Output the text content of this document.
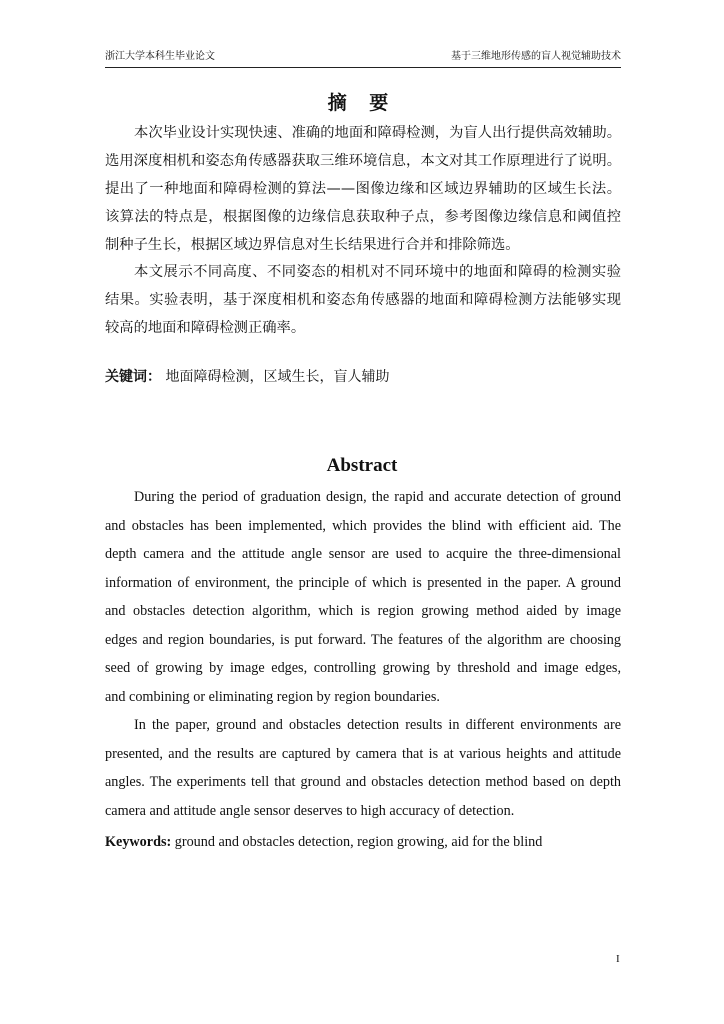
浙江大学本科生毕业论文	基于三维地形传感的盲人视觉辅助技术
摘 要
本次毕业设计实现快速、准确的地面和障碍检测，为盲人出行提供高效辅助。
选用深度相机和姿态角传感器获取三维环境信息，本文对其工作原理进行了说明。
提出了一种地面和障碍检测的算法——图像边缘和区域边界辅助的区域生长法。
该算法的特点是，根据图像的边缘信息获取种子点，参考图像边缘信息和阈值控
制种子生长，根据区域边界信息对生长结果进行合并和排除筛选。
本文展示不同高度、不同姿态的相机对不同环境中的地面和障碍的检测实验
结果。实验表明，基于深度相机和姿态角传感器的地面和障碍检测方法能够实现
较高的地面和障碍检测正确率。
关键词： 地面障碍检测，区域生长，盲人辅助
Abstract
During the period of graduation design, the rapid and accurate detection of ground
and obstacles has been implemented, which provides the blind with efficient aid. The
depth camera and the attitude angle sensor are used to acquire the three-dimensional
information of environment, the principle of which is presented in the paper. A ground
and obstacles detection algorithm, which is region growing method aided by image
edges and region boundaries, is put forward. The features of the algorithm are choosing
seed of growing by image edges, controlling growing by threshold and image edges,
and combining or eliminating region by region boundaries.
In the paper, ground and obstacles detection results in different environments are
presented, and the results are captured by camera that is at various heights and attitude
angles. The experiments tell that ground and obstacles detection method based on depth
camera and attitude angle sensor deserves to high accuracy of detection.
Keywords: ground and obstacles detection, region growing, aid for the blind
I
